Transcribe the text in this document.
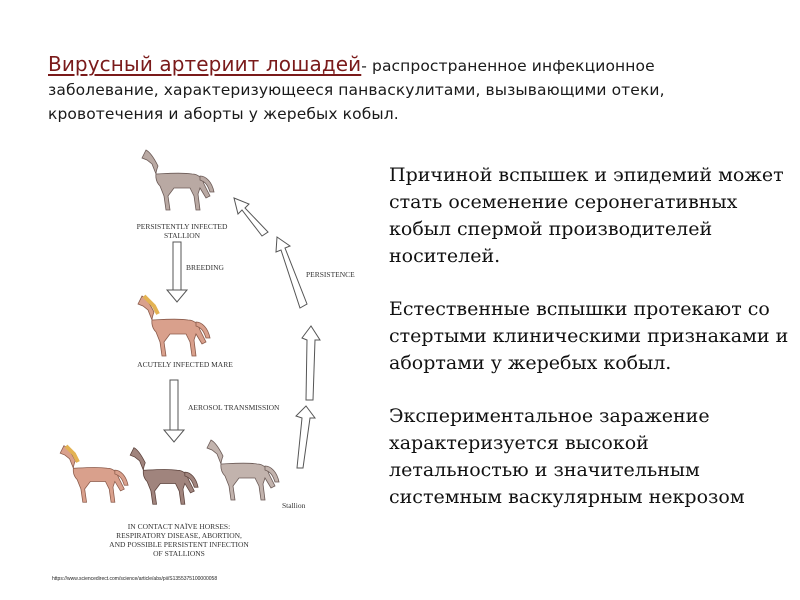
Вирусный артериит лошадей- распространенное инфекционное заболевание, характеризующееся панваскулитами, вызывающими отеки, кровотечения и аборты у жеребых кобыл.
PERSISTENTLY INFECTED
STALLION
BREEDING
PERSISTENCE
ACUTELY INFECTED MARE
AEROSOL TRANSMISSION
Stallion
IN CONTACT NAÏVE HORSES:
RESPIRATORY DISEASE, ABORTION,
AND POSSIBLE PERSISTENT INFECTION
OF STALLIONS
https://www.sciencedirect.com/science/article/abs/pii/S1355375100000058

Причиной вспышек и эпидемий может стать осеменение серонегативных кобыл спермой производителей носителей.

Естественные вспышки протекают со стертыми клиническими признаками и абортами у жеребых кобыл.

Экспериментальное заражение характеризуется высокой летальностью и значительным системным васкулярным некрозом
